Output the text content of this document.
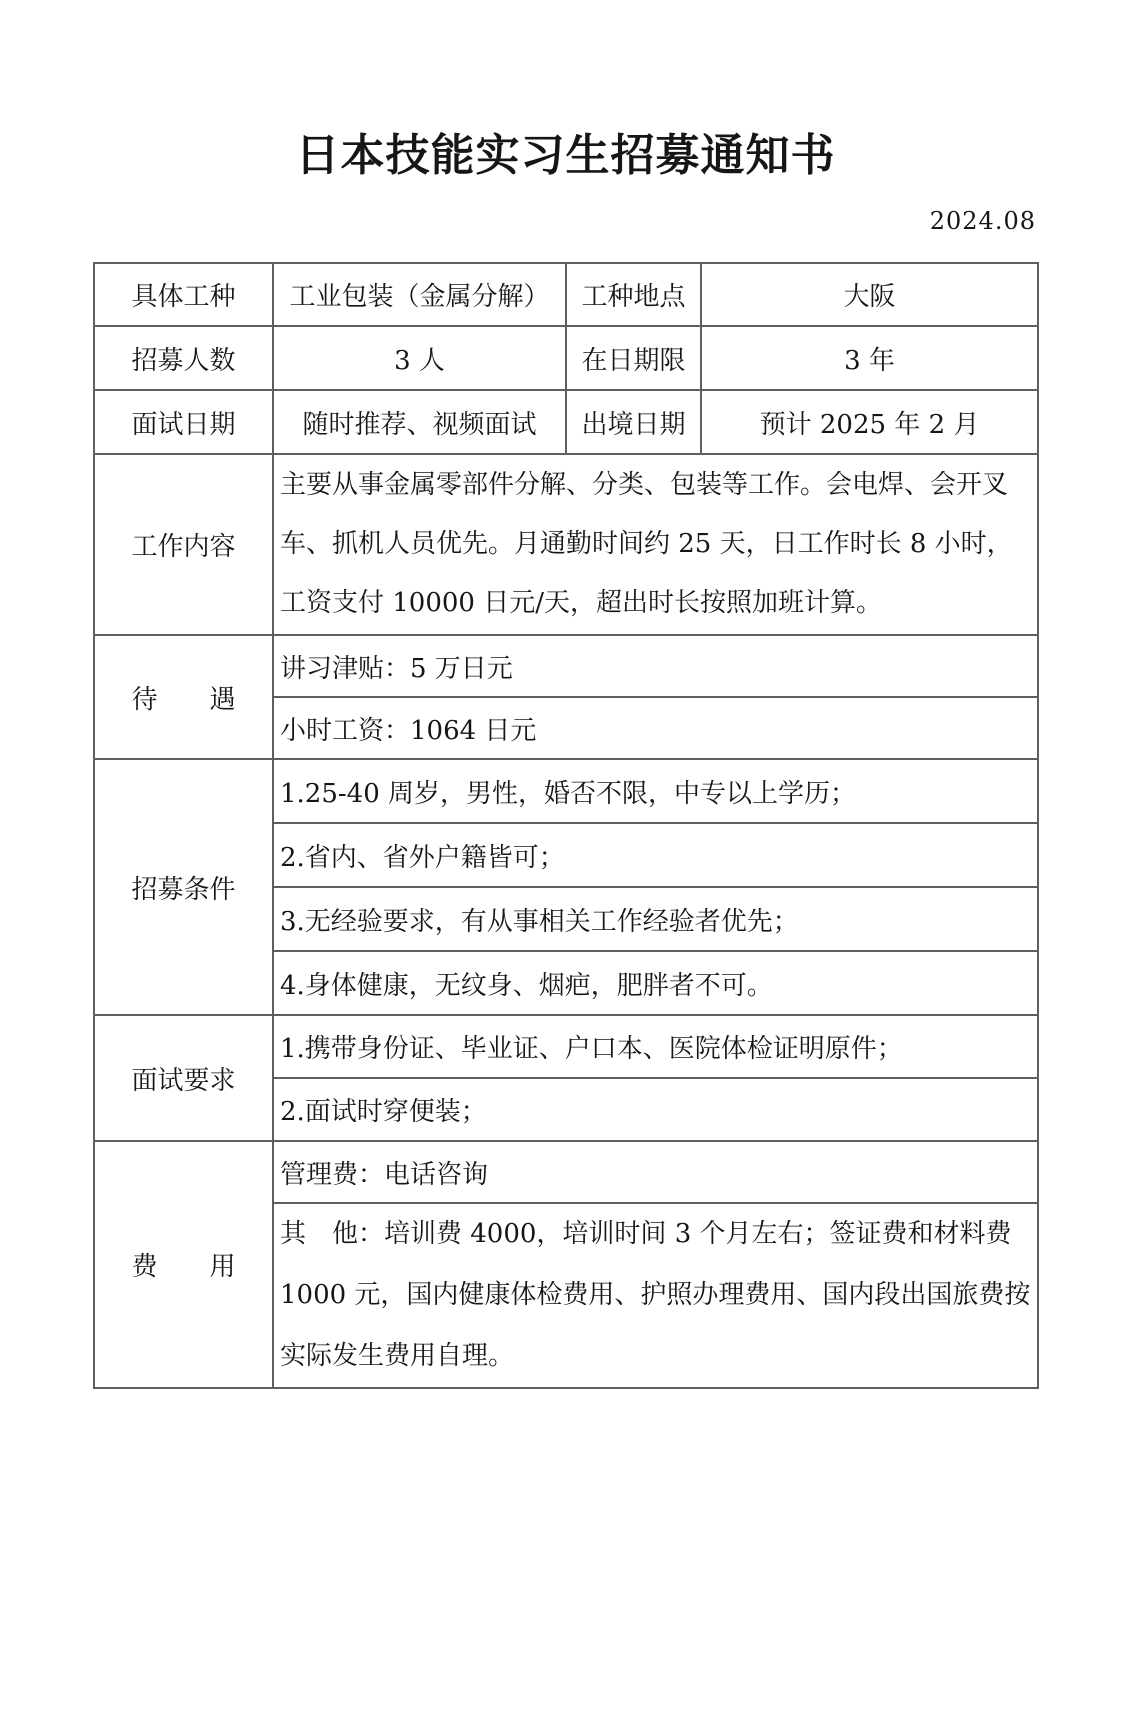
日本技能实习生招募通知书
2024.08
具体工种	工业包装（金属分解）	工种地点	大阪
招募人数	3 人	在日期限	3 年
面试日期	随时推荐、视频面试	出境日期	预计 2025 年 2 月
工作内容	主要从事金属零部件分解、分类、包装等工作。会电焊、会开叉车、抓机人员优先。月通勤时间约 25 天，日工作时长 8 小时，工资支付 10000 日元/天，超出时长按照加班计算。		
待　　遇	讲习津贴：5 万日元		
	小时工资：1064 日元		
招募条件	1.25-40 周岁，男性，婚否不限，中专以上学历；		
	2.省内、省外户籍皆可；		
	3.无经验要求，有从事相关工作经验者优先；		
	4.身体健康，无纹身、烟疤，肥胖者不可。		
面试要求	1.携带身份证、毕业证、户口本、医院体检证明原件；		
	2.面试时穿便装；		
费　　用	管理费：电话咨询		
	其　他：培训费 4000，培训时间 3 个月左右；签证费和材料费 1000 元，国内健康体检费用、护照办理费用、国内段出国旅费按实际发生费用自理。		
